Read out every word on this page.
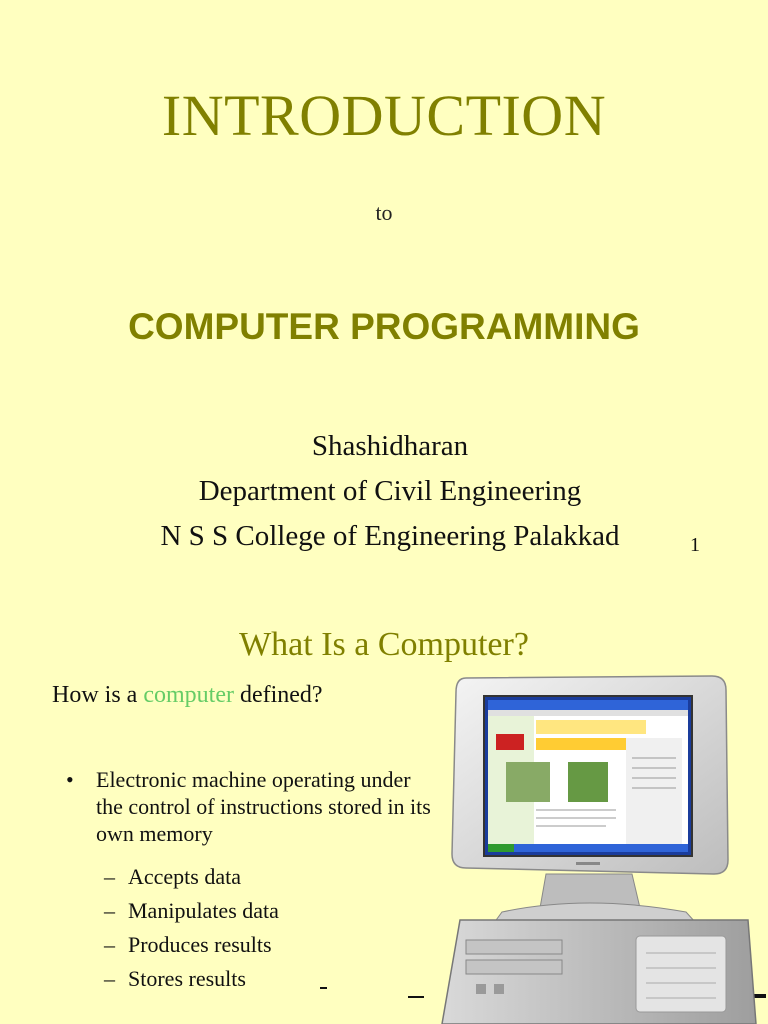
INTRODUCTION
to
COMPUTER PROGRAMMING
Shashidharan
Department of Civil Engineering
N S S College of Engineering Palakkad	1
What Is a Computer?
How is a computer defined?
• Electronic machine operating under the control of instructions stored in its own memory
– Accepts data
– Manipulates data
– Produces results
– Stores results
